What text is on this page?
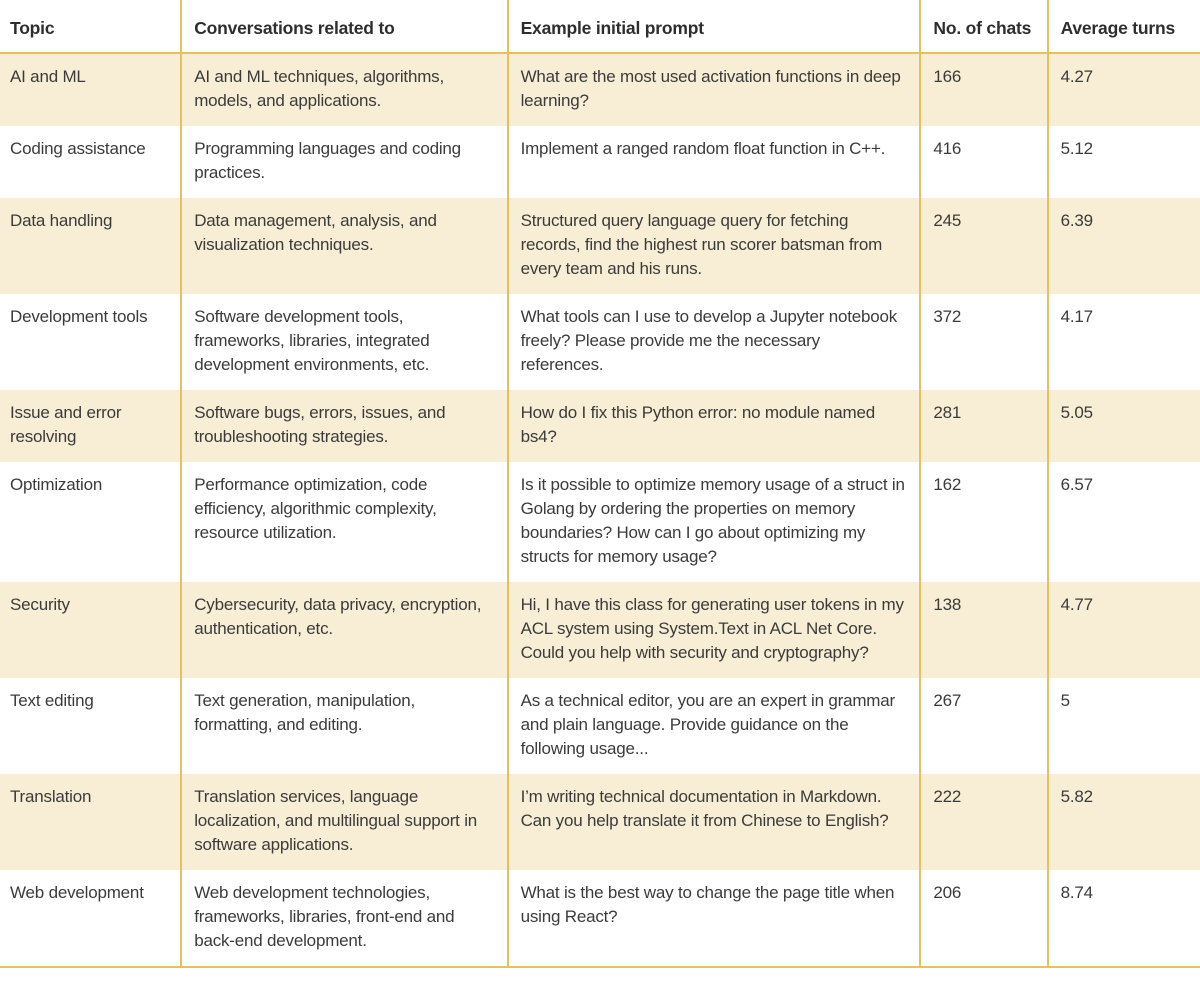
Topic	Conversations related to	Example initial prompt	No. of chats	Average turns
AI and ML	AI and ML techniques, algorithms, models, and applications.	What are the most used activation functions in deep learning?	166	4.27
Coding assistance	Programming languages and coding practices.	Implement a ranged random float function in C++.	416	5.12
Data handling	Data management, analysis, and visualization techniques.	Structured query language query for fetching records, find the highest run scorer batsman from every team and his runs.	245	6.39
Development tools	Software development tools, frameworks, libraries, integrated development environments, etc.	What tools can I use to develop a Jupyter notebook freely? Please provide me the necessary references.	372	4.17
Issue and error resolving	Software bugs, errors, issues, and troubleshooting strategies.	How do I fix this Python error: no module named bs4?	281	5.05
Optimization	Performance optimization, code efficiency, algorithmic complexity, resource utilization.	Is it possible to optimize memory usage of a struct in Golang by ordering the properties on memory boundaries? How can I go about optimizing my structs for memory usage?	162	6.57
Security	Cybersecurity, data privacy, encryption, authentication, etc.	Hi, I have this class for generating user tokens in my ACL system using System.Text in ACL Net Core. Could you help with security and cryptography?	138	4.77
Text editing	Text generation, manipulation, formatting, and editing.	As a technical editor, you are an expert in grammar and plain language. Provide guidance on the following usage...	267	5
Translation	Translation services, language localization, and multilingual support in software applications.	I’m writing technical documentation in Markdown. Can you help translate it from Chinese to English?	222	5.82
Web development	Web development technologies, frameworks, libraries, front-end and back-end development.	What is the best way to change the page title when using React?	206	8.74
